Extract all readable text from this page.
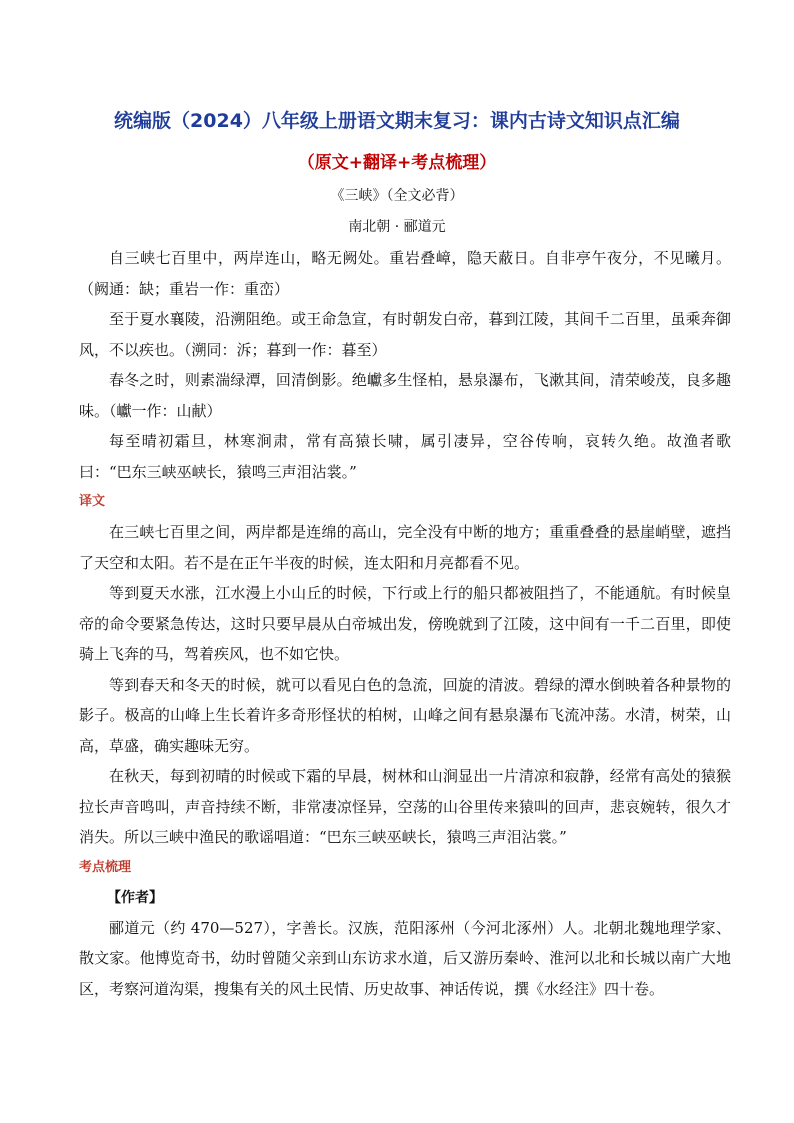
统编版（2024）八年级上册语文期末复习：课内古诗文知识点汇编
（原文+翻译+考点梳理）
《三峡》（全文必背）
南北朝 · 郦道元

自三峡七百里中，两岸连山，略无阙处。重岩叠嶂，隐天蔽日。自非亭午夜分，不见曦月。（阙通：缺；重岩一作：重峦）

至于夏水襄陵，沿溯阻绝。或王命急宣，有时朝发白帝，暮到江陵，其间千二百里，虽乘奔御风，不以疾也。（溯同：泝；暮到一作：暮至）

春冬之时，则素湍绿潭，回清倒影。绝巘多生怪柏，悬泉瀑布，飞漱其间，清荣峻茂，良多趣味。（巘一作：山献）

每至晴初霜旦，林寒涧肃，常有高猿长啸，属引凄异，空谷传响，哀转久绝。故渔者歌曰：“巴东三峡巫峡长，猿鸣三声泪沾裳。”

译文

在三峡七百里之间，两岸都是连绵的高山，完全没有中断的地方；重重叠叠的悬崖峭壁，遮挡了天空和太阳。若不是在正午半夜的时候，连太阳和月亮都看不见。

等到夏天水涨，江水漫上小山丘的时候，下行或上行的船只都被阻挡了，不能通航。有时候皇帝的命令要紧急传达，这时只要早晨从白帝城出发，傍晚就到了江陵，这中间有一千二百里，即使骑上飞奔的马，驾着疾风，也不如它快。

等到春天和冬天的时候，就可以看见白色的急流，回旋的清波。碧绿的潭水倒映着各种景物的影子。极高的山峰上生长着许多奇形怪状的柏树，山峰之间有悬泉瀑布飞流冲荡。水清，树荣，山高，草盛，确实趣味无穷。

在秋天，每到初晴的时候或下霜的早晨，树林和山涧显出一片清凉和寂静，经常有高处的猿猴拉长声音鸣叫，声音持续不断，非常凄凉怪异，空荡的山谷里传来猿叫的回声，悲哀婉转，很久才消失。所以三峡中渔民的歌谣唱道：“巴东三峡巫峡长，猿鸣三声泪沾裳。”

考点梳理

【作者】

郦道元（约 470—527），字善长。汉族，范阳涿州（今河北涿州）人。北朝北魏地理学家、散文家。他博览奇书，幼时曾随父亲到山东访求水道，后又游历秦岭、淮河以北和长城以南广大地区，考察河道沟渠，搜集有关的风土民情、历史故事、神话传说，撰《水经注》四十卷。
